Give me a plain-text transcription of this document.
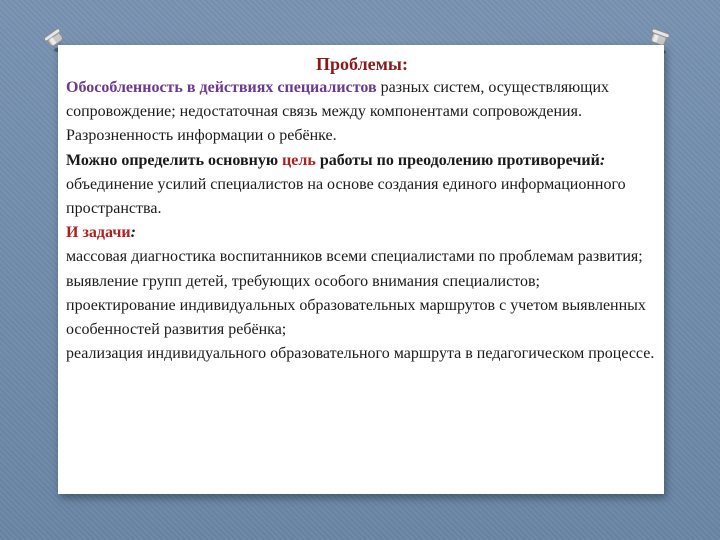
Проблемы:
Обособленность в действиях специалистов разных систем, осуществляющих сопровождение; недостаточная связь между компонентами сопровождения.
Разрозненность информации о ребёнке.
Можно определить основную цель работы по преодолению противоречий: объединение усилий специалистов на основе создания единого информационного пространства.
И задачи:
массовая диагностика воспитанников всеми специалистами по проблемам развития;
выявление групп детей, требующих особого внимания специалистов;
проектирование индивидуальных образовательных маршрутов с учетом выявленных особенностей развития ребёнка;
реализация индивидуального образовательного маршрута в педагогическом процессе.
